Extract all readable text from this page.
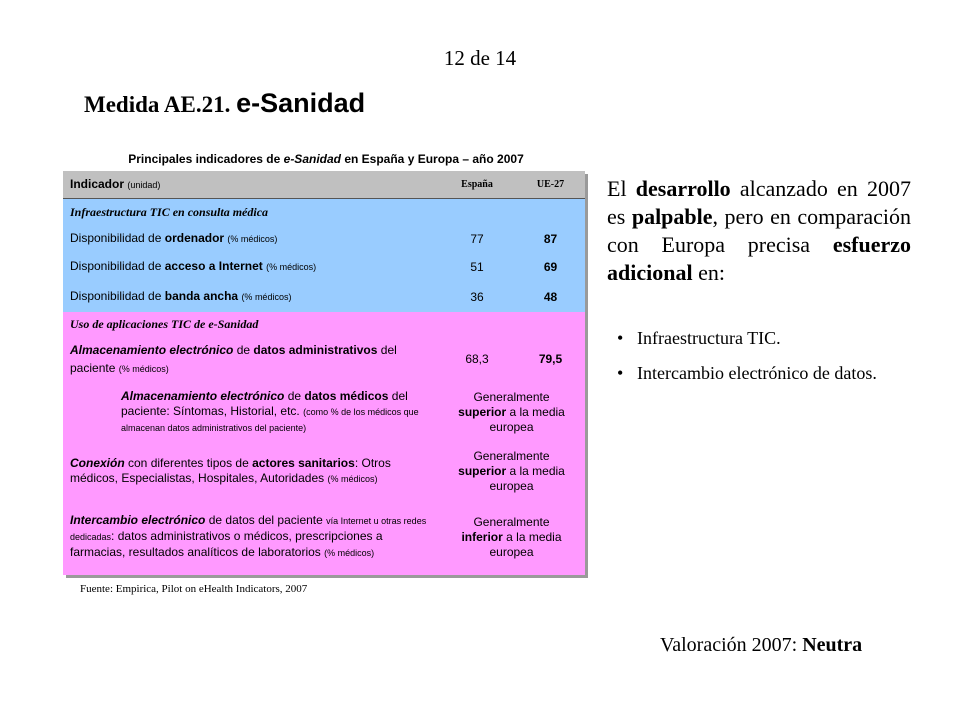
12 de 14
Medida AE.21. e-Sanidad
Principales indicadores de e-Sanidad en España y Europa – año 2007
Indicador (unidad)	España	UE-27
Infraestructura TIC en consulta médica		
Disponibilidad de ordenador (% médicos)	77	87
Disponibilidad de acceso a Internet (% médicos)	51	69
Disponibilidad de banda ancha (% médicos)	36	48
Uso de aplicaciones TIC de e-Sanidad		
Almacenamiento electrónico de datos administrativos del paciente (% médicos)	68,3	79,5
Almacenamiento electrónico de datos médicos del paciente: Síntomas, Historial, etc. (como % de los médicos que almacenan datos administrativos del paciente)	Generalmente
superior a la media europea	
Conexión con diferentes tipos de actores sanitarios: Otros médicos, Especialistas, Hospitales, Autoridades (% médicos)	Generalmente
superior a la media europea	
Intercambio electrónico de datos del paciente vía Internet u otras redes dedicadas: datos administrativos o médicos, prescripciones a farmacias, resultados analíticos de laboratorios (% médicos)	Generalmente
inferior a la media europea	
Fuente: Empirica, Pilot on eHealth Indicators, 2007
El desarrollo alcanzado en 2007 es palpable, pero en comparación con Europa precisa esfuerzo adicional en:
• Infraestructura TIC.
• Intercambio electrónico de datos.
Valoración 2007: Neutra
